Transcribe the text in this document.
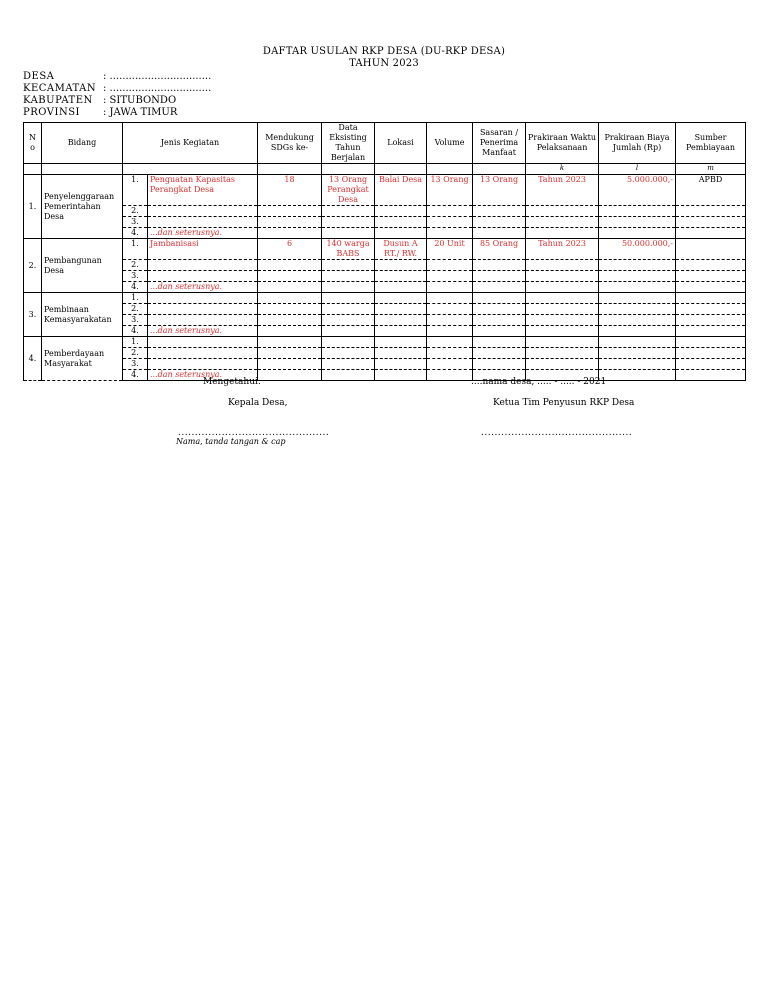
DAFTAR USULAN RKP DESA (DU-RKP DESA)
TAHUN 2023
DESA	: ................................
KECAMATAN : ................................
KABUPATEN	: SITUBONDO
PROVINSI	: JAWA TIMUR
N o	Bidang	Jenis Kegiatan		Mendukung SDGs ke-	Data Eksisting Tahun Berjalan	Lokasi	Volume	Sasaran / Penerima Manfaat	Prakiraan Waktu Pelaksanaan	Prakiraan Biaya Jumlah (Rp)	Sumber Pembiayaan
									k	l	m
1.	Penyelenggaraan Pemerintahan Desa	1.	Penguatan Kapasitas Perangkat Desa	18	13 Orang Perangkat Desa	Balai Desa	13 Orang	13 Orang	Tahun 2023	5.000.000,-	APBD
		2.									
		3.									
		4.	...dan seterusnya.								
2.	Pembangunan Desa	1.	Jambanisasi	6	140 warga BABS	Dusun A RT./ RW.	20 Unit	85 Orang	Tahun 2023	50.000.000,-	
		2.									
		3.									
		4.	...dan seterusnya.								
3.	Pembinaan Kemasyarakatan	1.									
		2.									
		3.									
		4.	...dan seterusnya.								
4.	Pemberdayaan Masyarakat	1.									
		2.									
		3.									
		4.	...dan seterusnya.								
Mengetahui:	....nama desa, ..... - ..... - 2021
Kepala Desa,	Ketua Tim Penyusun RKP Desa
Nama, tanda tangan & cap
.............................................	.............................................
